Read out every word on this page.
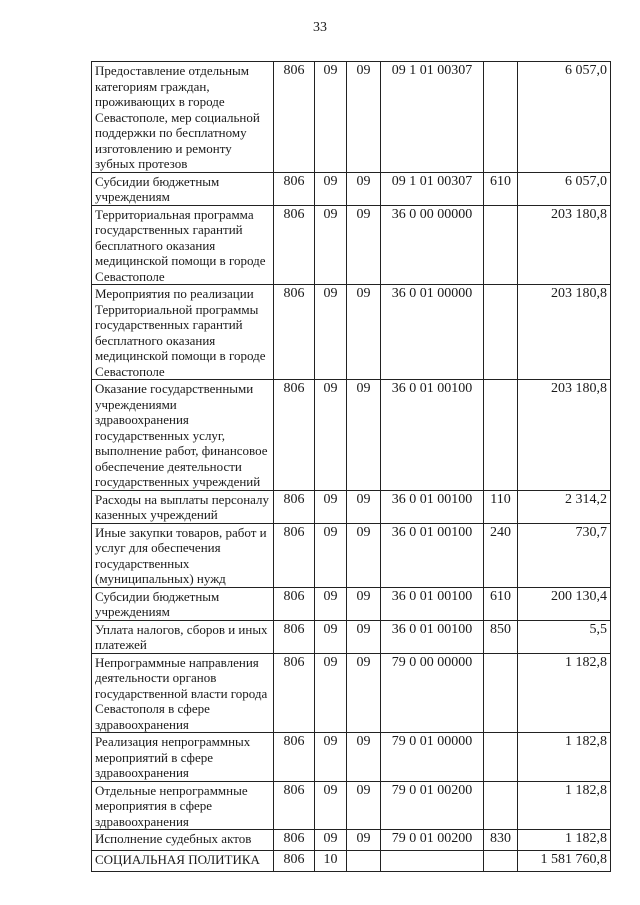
33
Предоставление отдельным категориям граждан, проживающих в городе Севастополе, мер социальной поддержки по бесплатному изготовлению и ремонту зубных протезов	806	09	09	09 1 01 00307		6 057,0
Субсидии бюджетным учреждениям	806	09	09	09 1 01 00307	610	6 057,0
Территориальная программа государственных гарантий бесплатного оказания медицинской помощи в городе Севастополе	806	09	09	36 0 00 00000		203 180,8
Мероприятия по реализации Территориальной программы государственных гарантий бесплатного оказания медицинской помощи в городе Севастополе	806	09	09	36 0 01 00000		203 180,8
Оказание государственными учреждениями здравоохранения государственных услуг, выполнение работ, финансовое обеспечение деятельности государственных учреждений	806	09	09	36 0 01 00100		203 180,8
Расходы на выплаты персоналу казенных учреждений	806	09	09	36 0 01 00100	110	2 314,2
Иные закупки товаров, работ и услуг для обеспечения государственных (муниципальных) нужд	806	09	09	36 0 01 00100	240	730,7
Субсидии бюджетным учреждениям	806	09	09	36 0 01 00100	610	200 130,4
Уплата налогов, сборов и иных платежей	806	09	09	36 0 01 00100	850	5,5
Непрограммные направления деятельности органов государственной власти города Севастополя в сфере здравоохранения	806	09	09	79 0 00 00000		1 182,8
Реализация непрограммных мероприятий в сфере здравоохранения	806	09	09	79 0 01 00000		1 182,8
Отдельные непрограммные мероприятия в сфере здравоохранения	806	09	09	79 0 01 00200		1 182,8
Исполнение судебных актов	806	09	09	79 0 01 00200	830	1 182,8
СОЦИАЛЬНАЯ ПОЛИТИКА	806	10				1 581 760,8
